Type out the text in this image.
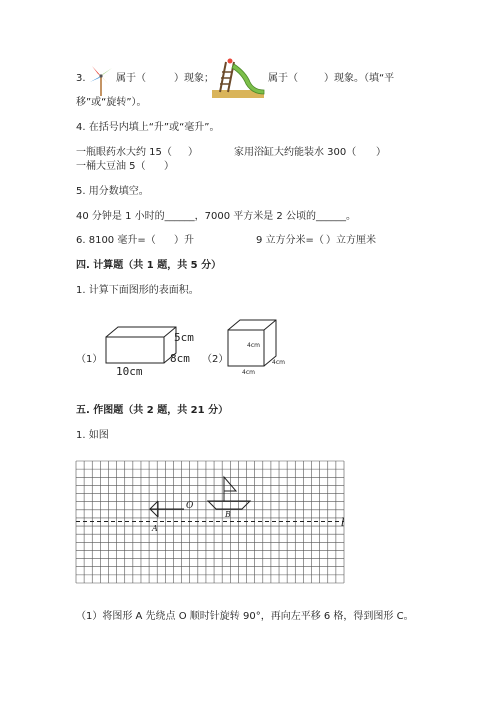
3.	属于（	）现象；	属于（	）现象。（填“平
移”或“旋转”）。
4. 在括号内填上“升”或“毫升”。
一瓶眼药水大约 15（ ）	家用浴缸大约能装水 300（ ）
一桶大豆油 5（ ）
5. 用分数填空。
40 分钟是 1 小时的______，7000 平方米是 2 公顷的______。
6. 8100 毫升=（ ）升	9 立方分米=（ ）立方厘米
四. 计算题（共 1 题，共 5 分）
1. 计算下面图形的表面积。
（1）
5cm
8cm
10cm
（2）
4cm
4cm
4cm
五. 作图题（共 2 题，共 21 分）
1. 如图
O
A
B
l
（1）将图形 A 先绕点 O 顺时针旋转 90°，再向左平移 6 格，得到图形 C。
